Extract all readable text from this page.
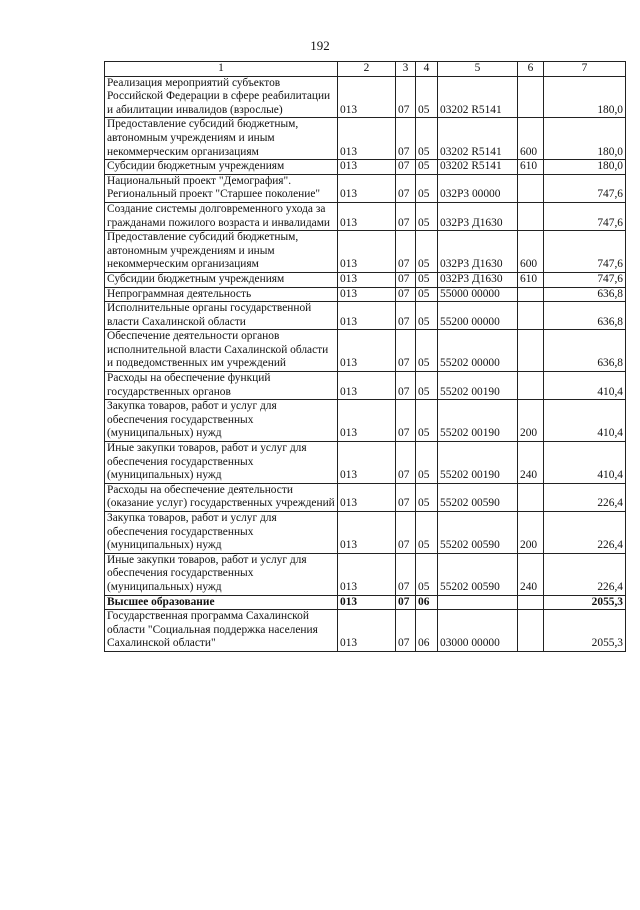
192
1	2	3	4	5	6	7
Реализация мероприятий субъектов Российской Федерации в сфере реабилитации и абилитации инвалидов (взрослые)	013	07	05	03202 R5141		180,0
Предоставление субсидий бюджетным, автономным учреждениям и иным некоммерческим организациям	013	07	05	03202 R5141	600	180,0
Субсидии бюджетным учреждениям	013	07	05	03202 R5141	610	180,0
Национальный проект "Демография". Региональный проект "Старшее поколение"	013	07	05	032Р3 00000		747,6
Создание системы долговременного ухода за гражданами пожилого возраста и инвалидами	013	07	05	032Р3 Д1630		747,6
Предоставление субсидий бюджетным, автономным учреждениям и иным некоммерческим организациям	013	07	05	032Р3 Д1630	600	747,6
Субсидии бюджетным учреждениям	013	07	05	032Р3 Д1630	610	747,6
Непрограммная деятельность	013	07	05	55000 00000		636,8
Исполнительные органы государственной власти Сахалинской области	013	07	05	55200 00000		636,8
Обеспечение деятельности органов исполнительной власти Сахалинской области и подведомственных им учреждений	013	07	05	55202 00000		636,8
Расходы на обеспечение функций государственных органов	013	07	05	55202 00190		410,4
Закупка товаров, работ и услуг для обеспечения государственных (муниципальных) нужд	013	07	05	55202 00190	200	410,4
Иные закупки товаров, работ и услуг для обеспечения государственных (муниципальных) нужд	013	07	05	55202 00190	240	410,4
Расходы на обеспечение деятельности (оказание услуг) государственных учреждений	013	07	05	55202 00590		226,4
Закупка товаров, работ и услуг для обеспечения государственных (муниципальных) нужд	013	07	05	55202 00590	200	226,4
Иные закупки товаров, работ и услуг для обеспечения государственных (муниципальных) нужд	013	07	05	55202 00590	240	226,4
Высшее образование	013	07	06			2055,3
Государственная программа Сахалинской области "Социальная поддержка населения Сахалинской области"	013	07	06	03000 00000		2055,3
